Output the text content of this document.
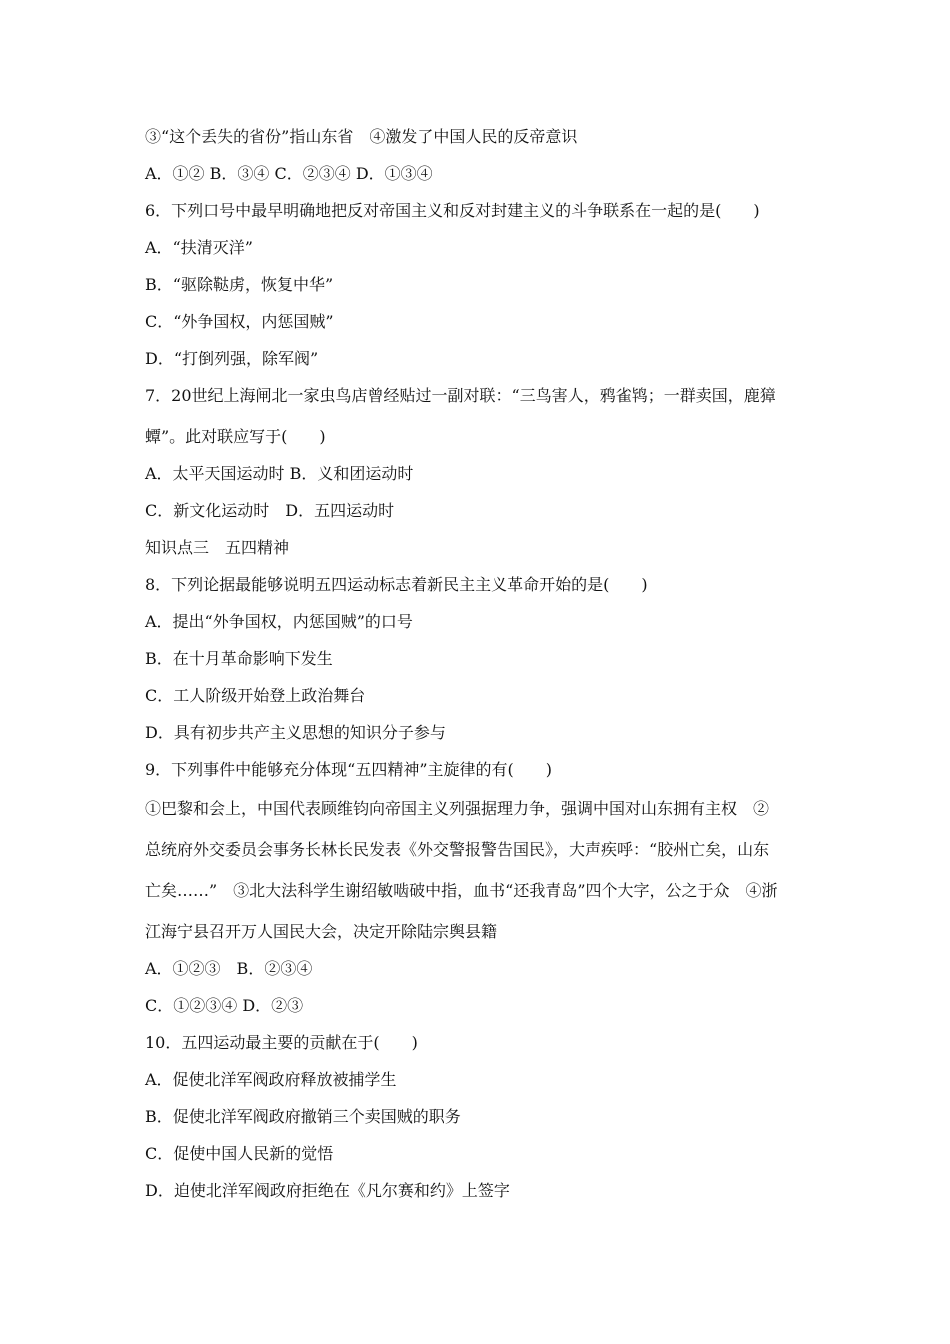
③“这个丢失的省份”指山东省　④激发了中国人民的反帝意识
A．①② B．③④ C．②③④ D．①③④
6．下列口号中最早明确地把反对帝国主义和反对封建主义的斗争联系在一起的是(　　)
A．“扶清灭洋”
B．“驱除鞑虏，恢复中华”
C．“外争国权，内惩国贼”
D．“打倒列强，除军阀”
7．20世纪上海闸北一家虫鸟店曾经贴过一副对联：“三鸟害人，鸦雀鸨；一群卖国，鹿獐
蟫”。此对联应写于(　　)
A．太平天国运动时 B．义和团运动时
C．新文化运动时　D．五四运动时
知识点三　五四精神
8．下列论据最能够说明五四运动标志着新民主主义革命开始的是(　　)
A．提出“外争国权，内惩国贼”的口号
B．在十月革命影响下发生
C．工人阶级开始登上政治舞台
D．具有初步共产主义思想的知识分子参与
9．下列事件中能够充分体现“五四精神”主旋律的有(　　)
①巴黎和会上，中国代表顾维钧向帝国主义列强据理力争，强调中国对山东拥有主权　②
总统府外交委员会事务长林长民发表《外交警报警告国民》，大声疾呼：“胶州亡矣，山东
亡矣……”　③北大法科学生谢绍敏啮破中指，血书“还我青岛”四个大字，公之于众　④浙
江海宁县召开万人国民大会，决定开除陆宗舆县籍
A．①②③　B．②③④
C．①②③④ D．②③
10．五四运动最主要的贡献在于(　　)
A．促使北洋军阀政府释放被捕学生
B．促使北洋军阀政府撤销三个卖国贼的职务
C．促使中国人民新的觉悟
D．迫使北洋军阀政府拒绝在《凡尔赛和约》上签字
